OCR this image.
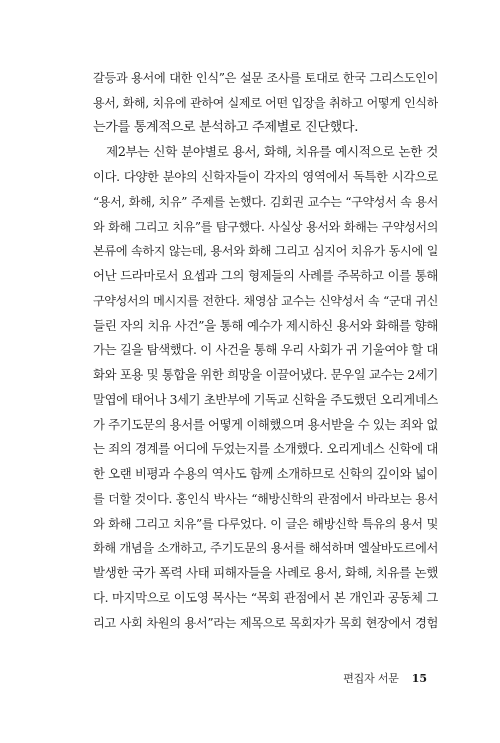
갈등과 용서에 대한 인식”은 설문 조사를 토대로 한국 그리스도인이
용서, 화해, 치유에 관하여 실제로 어떤 입장을 취하고 어떻게 인식하
는가를 통계적으로 분석하고 주제별로 진단했다.
제2부는 신학 분야별로 용서, 화해, 치유를 예시적으로 논한 것
이다. 다양한 분야의 신학자들이 각자의 영역에서 독특한 시각으로
“용서, 화해, 치유” 주제를 논했다. 김회권 교수는 “구약성서 속 용서
와 화해 그리고 치유”를 탐구했다. 사실상 용서와 화해는 구약성서의
본류에 속하지 않는데, 용서와 화해 그리고 심지어 치유가 동시에 일
어난 드라마로서 요셉과 그의 형제들의 사례를 주목하고 이를 통해
구약성서의 메시지를 전한다. 채영삼 교수는 신약성서 속 “군대 귀신
들린 자의 치유 사건”을 통해 예수가 제시하신 용서와 화해를 향해
가는 길을 탐색했다. 이 사건을 통해 우리 사회가 귀 기울여야 할 대
화와 포용 및 통합을 위한 희망을 이끌어냈다. 문우일 교수는 2세기
말엽에 태어나 3세기 초반부에 기독교 신학을 주도했던 오리게네스
가 주기도문의 용서를 어떻게 이해했으며 용서받을 수 있는 죄와 없
는 죄의 경계를 어디에 두었는지를 소개했다. 오리게네스 신학에 대
한 오랜 비평과 수용의 역사도 함께 소개하므로 신학의 깊이와 넓이
를 더할 것이다. 홍인식 박사는 “해방신학의 관점에서 바라보는 용서
와 화해 그리고 치유”를 다루었다. 이 글은 해방신학 특유의 용서 및
화해 개념을 소개하고, 주기도문의 용서를 해석하며 엘살바도르에서
발생한 국가 폭력 사태 피해자들을 사례로 용서, 화해, 치유를 논했
다. 마지막으로 이도영 목사는 “목회 관점에서 본 개인과 공동체 그
리고 사회 차원의 용서”라는 제목으로 목회자가 목회 현장에서 경험
편집자 서문 15
